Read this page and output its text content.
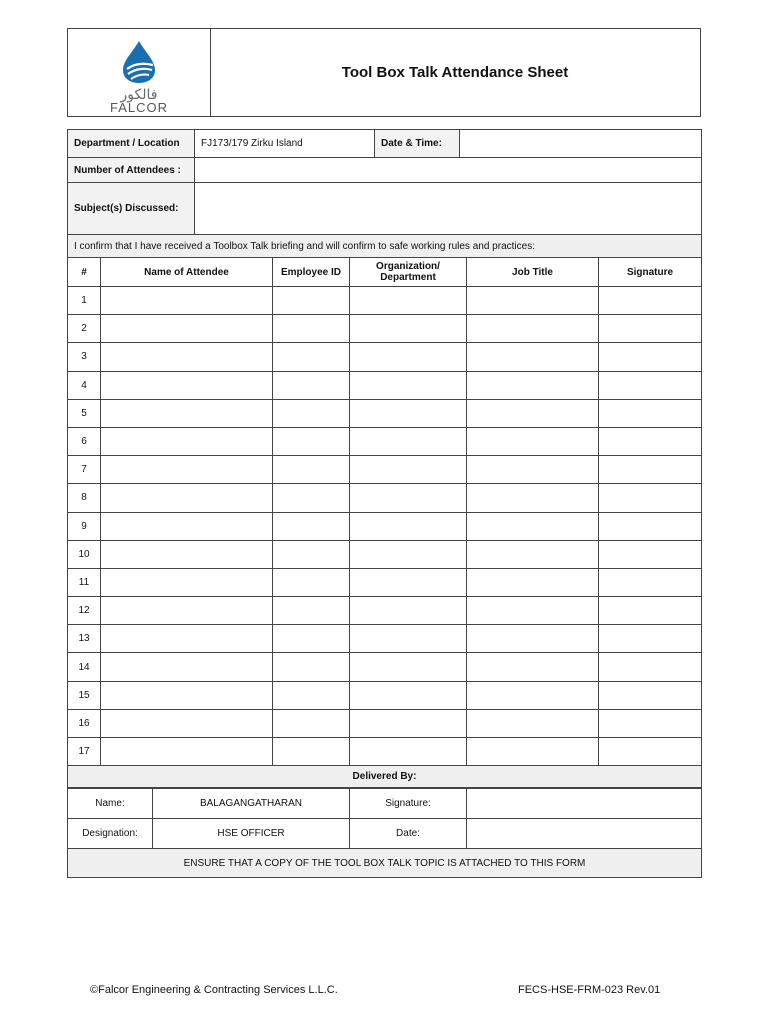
فالكور
FALCOR
Tool Box Talk Attendance Sheet
Department / Location	FJ173/179 Zirku Island	Date & Time:	
Number of Attendees :			
Subject(s) Discussed:			
I confirm that I have received a Toolbox Talk briefing and will confirm to safe working rules and practices:			
#	Name of Attendee	Employee ID	Organization/ Department	Job Title	Signature
1					
2					
3					
4					
5					
6					
7					
8					
9					
10					
11					
12					
13					
14					
15					
16					
17					
Delivered By:					
Name:	BALAGANGATHARAN	Signature:	
Designation:	HSE OFFICER	Date:	
ENSURE THAT A COPY OF THE TOOL BOX TALK TOPIC IS ATTACHED TO THIS FORM			
©Falcor Engineering & Contracting Services L.L.C.	FECS-HSE-FRM-023 Rev.01
